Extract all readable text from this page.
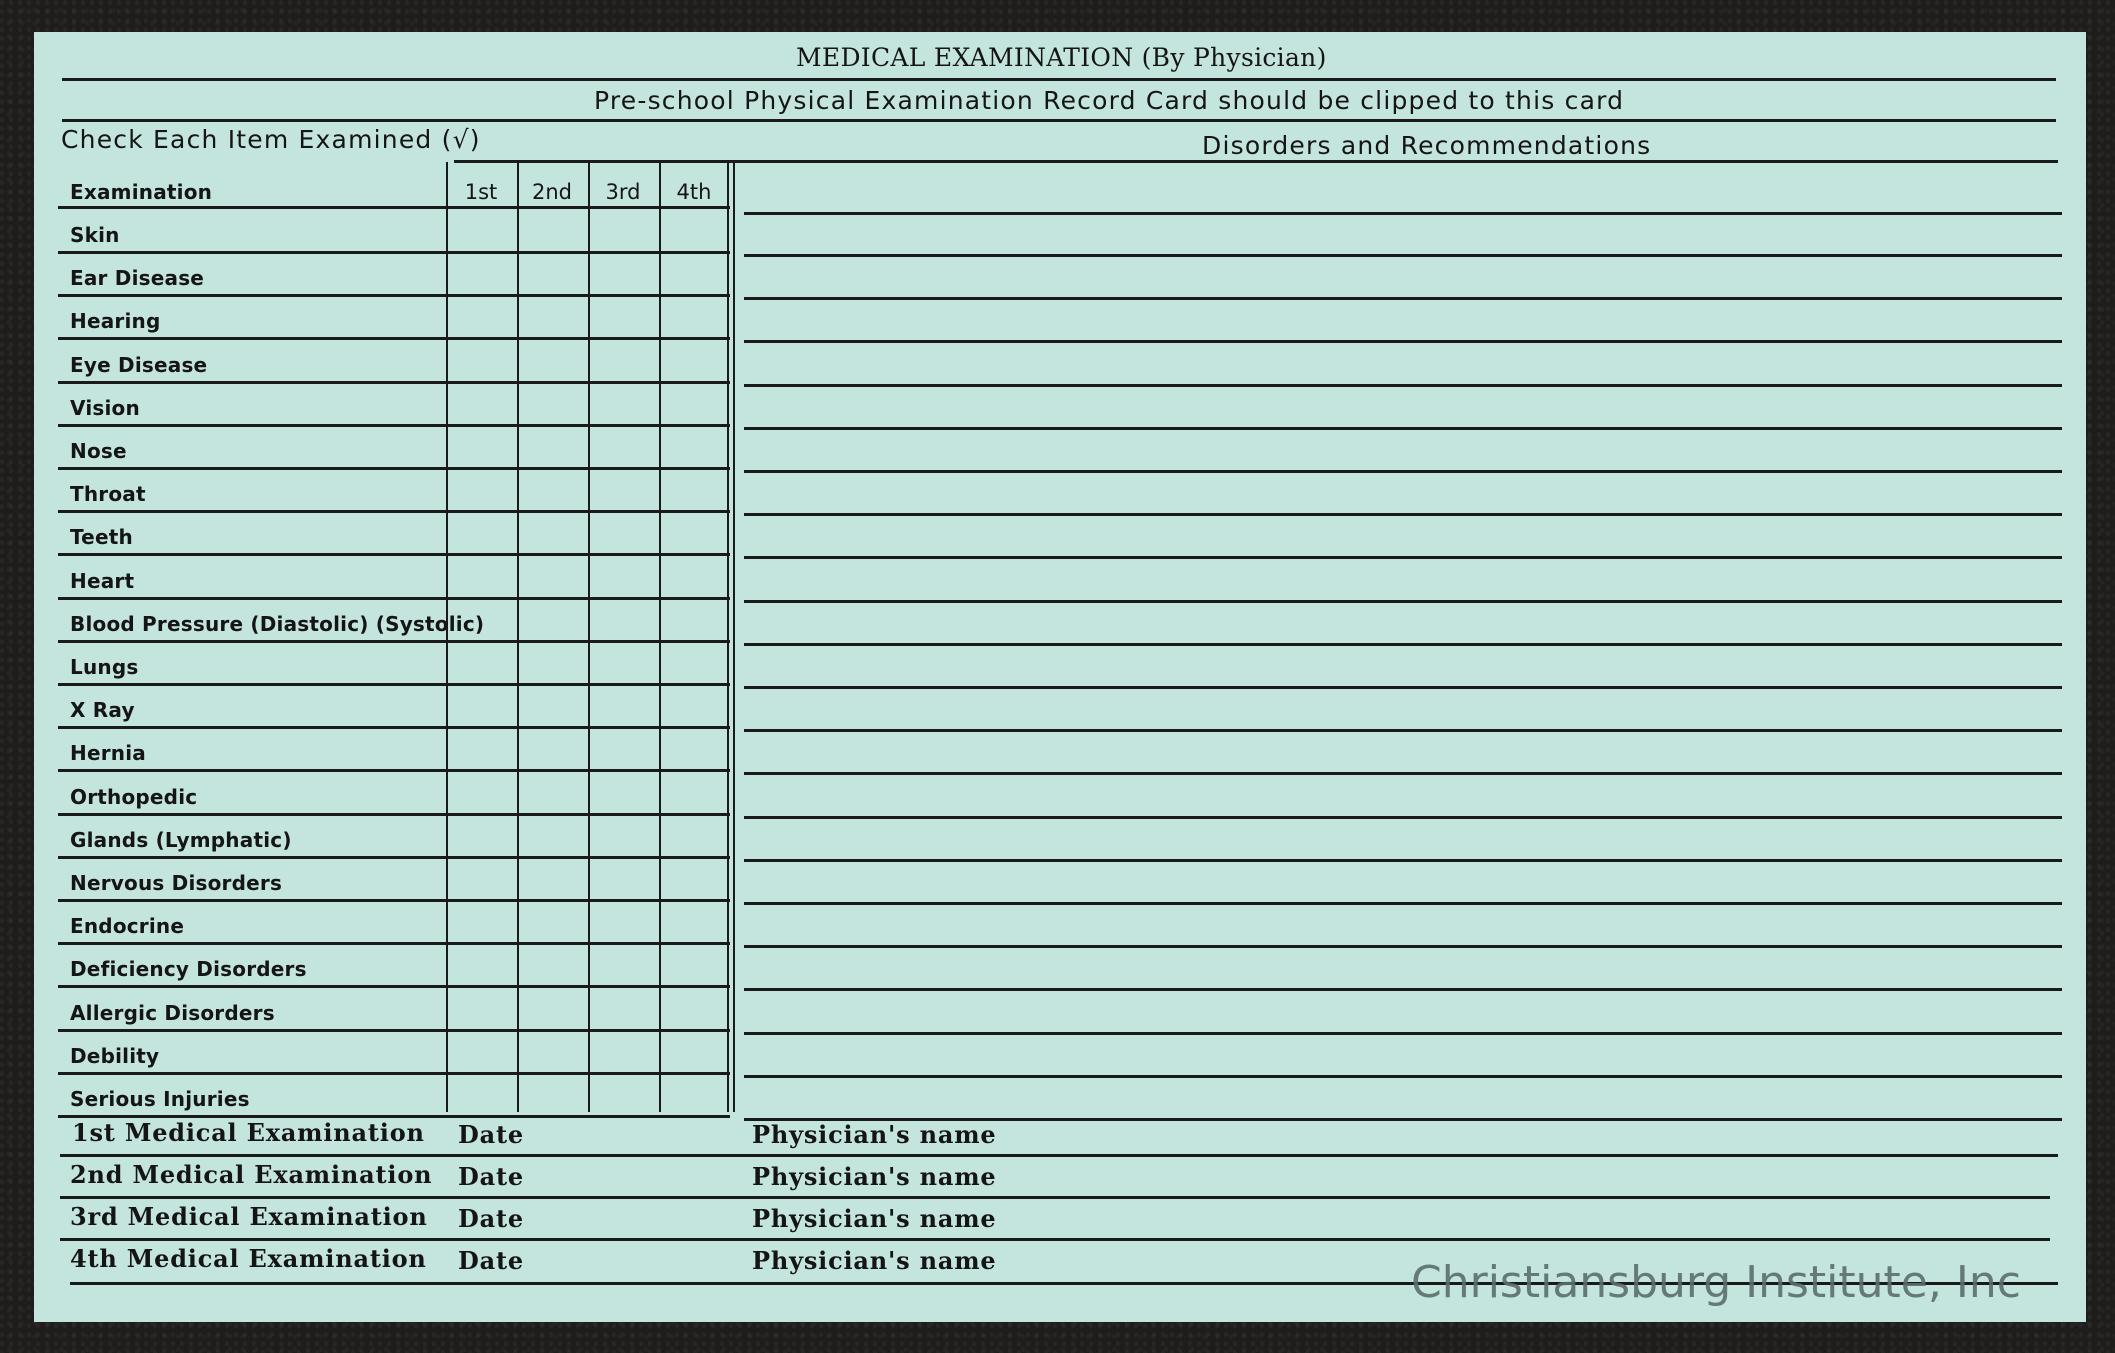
MEDICAL EXAMINATION (By Physician)
Pre-school Physical Examination Record Card should be clipped to this card
Check Each Item Examined (√)	Disorders and Recommendations
Examination	1st	2nd	3rd	4th
Skin
Ear Disease
Hearing
Eye Disease
Vision
Nose
Throat
Teeth
Heart
Blood Pressure (Diastolic) (Systolic)
Lungs
X Ray
Hernia
Orthopedic
Glands (Lymphatic)
Nervous Disorders
Endocrine
Deficiency Disorders
Allergic Disorders
Debility
Serious Injuries
1st Medical Examination Date	Physician's name
2nd Medical Examination Date	Physician's name
3rd Medical Examination Date	Physician's name
4th Medical Examination Date	Physician's name	Christiansburg Institute, Inc
